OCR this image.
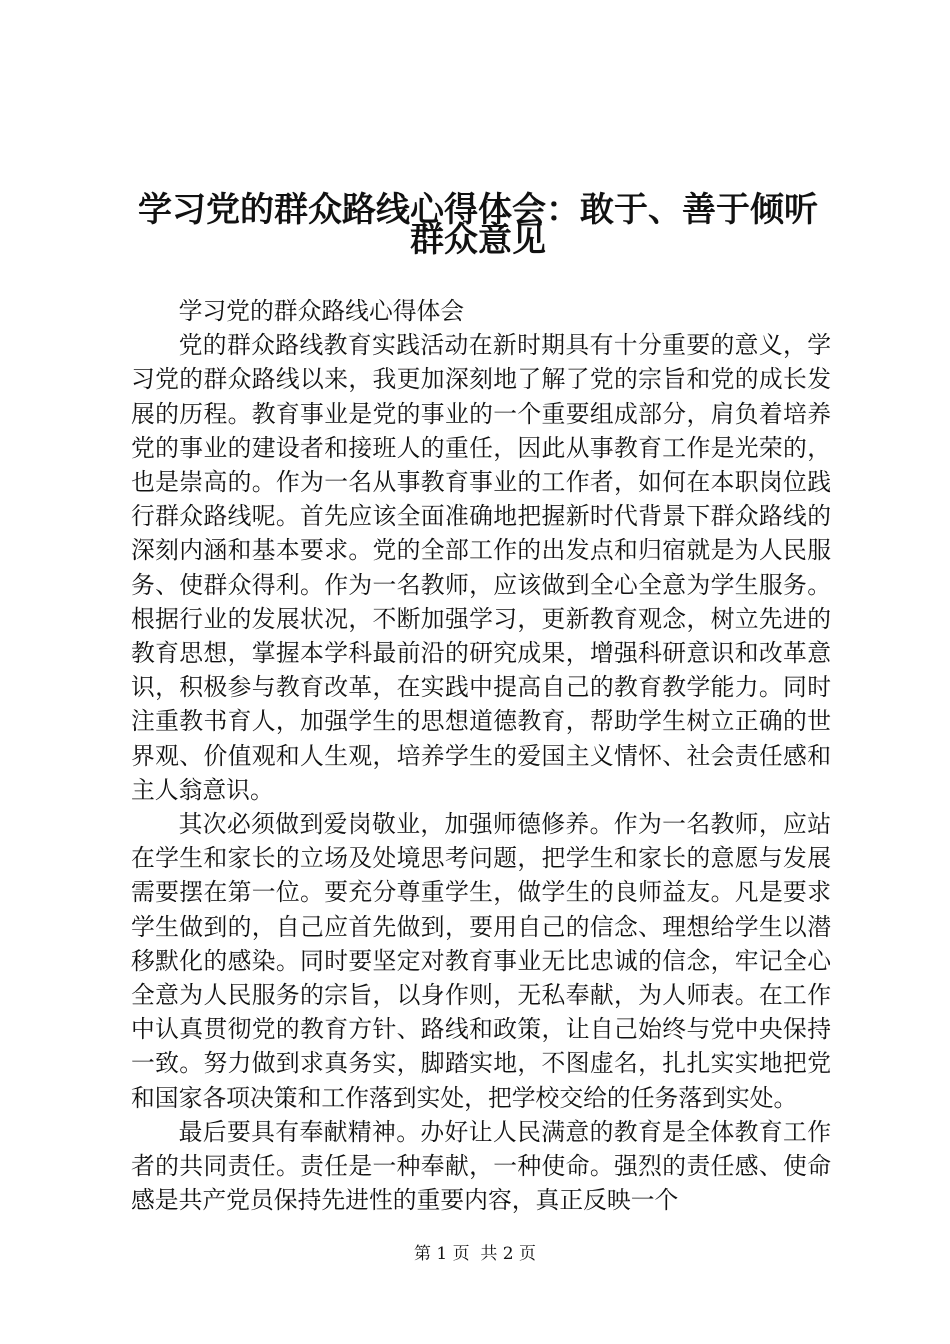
学习党的群众路线心得体会：敢于、善于倾听
群众意见

学习党的群众路线心得体会

党的群众路线教育实践活动在新时期具有十分重要的意义，学习党的群众路线以来，我更加深刻地了解了党的宗旨和党的成长发展的历程。教育事业是党的事业的一个重要组成部分，肩负着培养党的事业的建设者和接班人的重任，因此从事教育工作是光荣的，也是崇高的。作为一名从事教育事业的工作者，如何在本职岗位践行群众路线呢。首先应该全面准确地把握新时代背景下群众路线的深刻内涵和基本要求。党的全部工作的出发点和归宿就是为人民服务、使群众得利。作为一名教师，应该做到全心全意为学生服务。根据行业的发展状况，不断加强学习，更新教育观念，树立先进的教育思想，掌握本学科最前沿的研究成果，增强科研意识和改革意识，积极参与教育改革，在实践中提高自己的教育教学能力。同时注重教书育人，加强学生的思想道德教育，帮助学生树立正确的世界观、价值观和人生观，培养学生的爱国主义情怀、社会责任感和主人翁意识。

其次必须做到爱岗敬业，加强师德修养。作为一名教师，应站在学生和家长的立场及处境思考问题，把学生和家长的意愿与发展需要摆在第一位。要充分尊重学生，做学生的良师益友。凡是要求学生做到的，自己应首先做到，要用自己的信念、理想给学生以潜移默化的感染。同时要坚定对教育事业无比忠诚的信念，牢记全心全意为人民服务的宗旨，以身作则，无私奉献，为人师表。在工作中认真贯彻党的教育方针、路线和政策，让自己始终与党中央保持一致。努力做到求真务实，脚踏实地，不图虚名，扎扎实实地把党和国家各项决策和工作落到实处，把学校交给的任务落到实处。

最后要具有奉献精神。办好让人民满意的教育是全体教育工作者的共同责任。责任是一种奉献，一种使命。强烈的责任感、使命感是共产党员保持先进性的重要内容，真正反映一个

第 1 页  共 2 页
